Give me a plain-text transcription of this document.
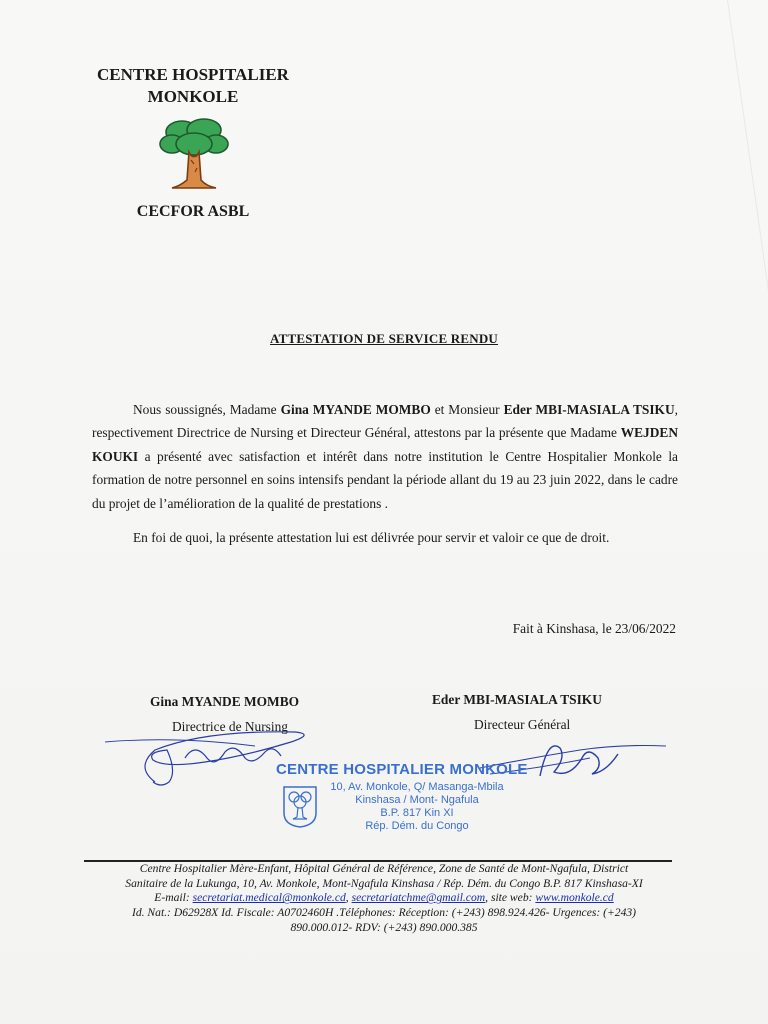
CENTRE HOSPITALIER
MONKOLE
CECFOR ASBL
ATTESTATION DE SERVICE RENDU

Nous soussignés, Madame Gina MYANDE MOMBO et Monsieur Eder MBI-MASIALA TSIKU, respectivement Directrice de Nursing et Directeur Général, attestons par la présente que Madame WEJDEN KOUKI a présenté avec satisfaction et intérêt dans notre institution le Centre Hospitalier Monkole la formation de notre personnel en soins intensifs pendant la période allant du 19 au 23 juin 2022, dans le cadre du projet de l’amélioration de la qualité de prestations .

En foi de quoi, la présente attestation lui est délivrée pour servir et valoir ce que de droit.

Fait à Kinshasa, le 23/06/2022
Gina MYANDE MOMBO
Directrice de Nursing
Eder MBI-MASIALA TSIKU
Directeur Général
CENTRE HOSPITALIER MONKOLE
10, Av. Monkole, Q/ Masanga-Mbila
Kinshasa / Mont- Ngafula
B.P. 817 Kin XI
Rép. Dém. du Congo
Centre Hospitalier Mère-Enfant, Hôpital Général de Référence, Zone de Santé de Mont-Ngafula, District
Sanitaire de la Lukunga, 10, Av. Monkole, Mont-Ngafula Kinshasa / Rép. Dém. du Congo B.P. 817 Kinshasa-XI
E-mail: secretariat.medical@monkole.cd, secretariatchme@gmail.com, site web: www.monkole.cd
Id. Nat.: D62928X Id. Fiscale: A0702460H .Téléphones: Réception: (+243) 898.924.426- Urgences: (+243)
890.000.012- RDV: (+243) 890.000.385
